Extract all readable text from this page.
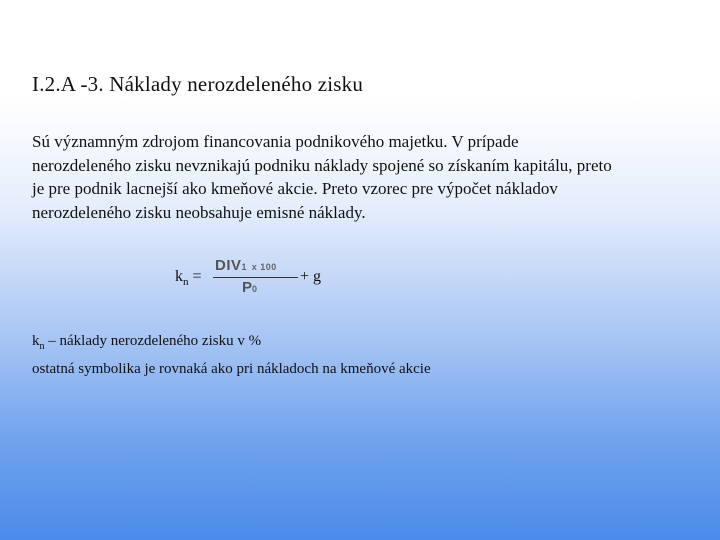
I.2.A -3. Náklady nerozdeleného zisku
Sú významným zdrojom financovania podnikového majetku. V prípade
nerozdeleného zisku nevznikajú podniku náklady spojené so získaním kapitálu, preto
je pre podnik lacnejší ako kmeňové akcie. Preto vzorec pre výpočet nákladov
nerozdeleného zisku neobsahuje emisné náklady.
$k_n$ =
DIV1 x 100
P0
+ g
$k_n$ – náklady nerozdeleného zisku v %
ostatná symbolika je rovnaká ako pri nákladoch na kmeňové akcie
